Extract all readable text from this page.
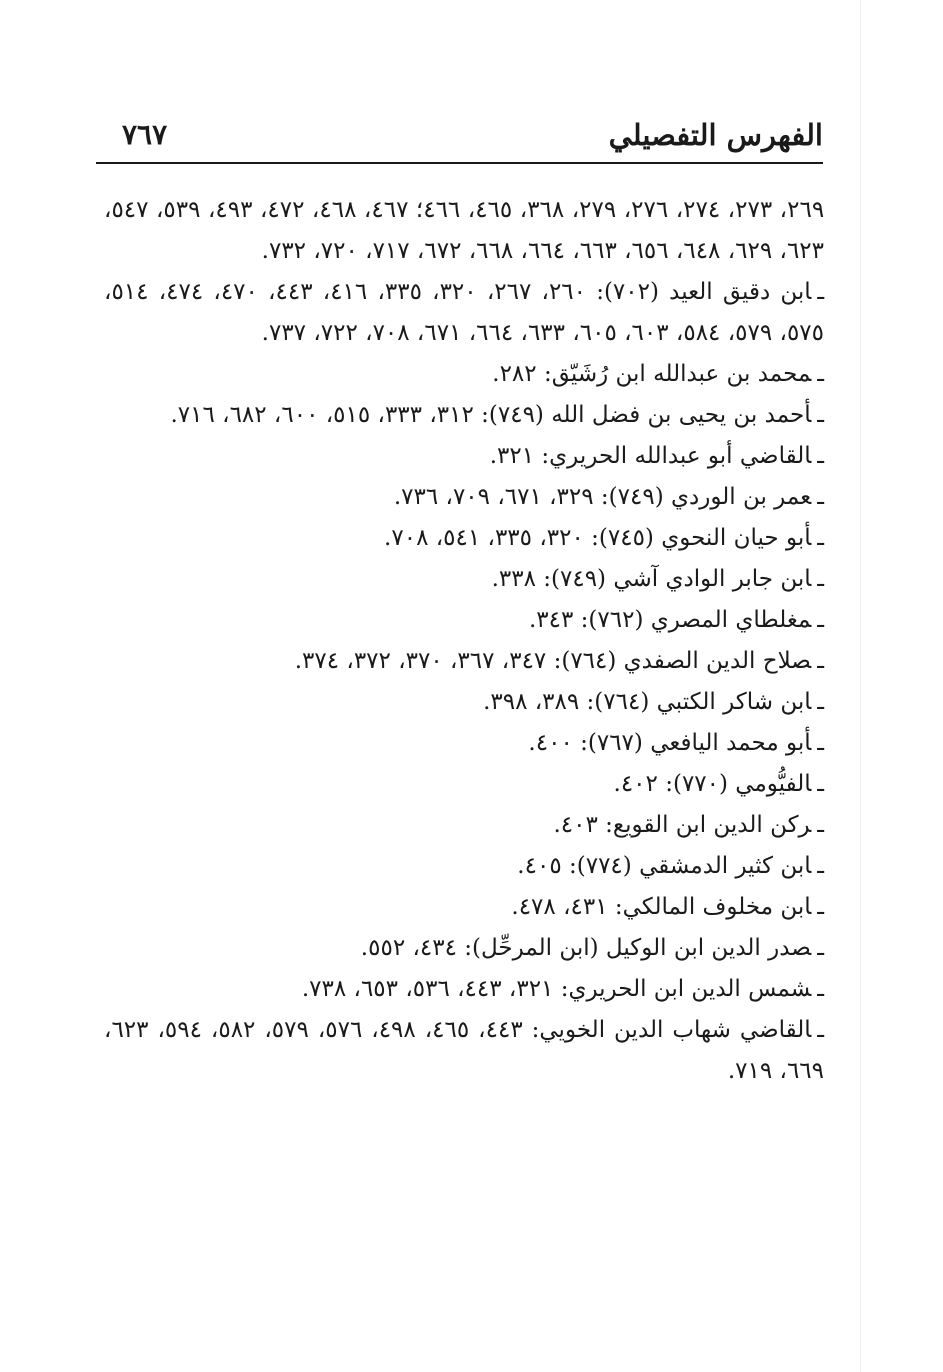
الفهرس التفصيلي
٧٦٧

٢٦٩، ٢٧٣، ٢٧٤، ٢٧٦، ٢٧٩، ٣٦٨، ٤٦٥، ٤٦٦؛ ٤٦٧، ٤٦٨، ٤٧٢، ٤٩٣، ٥٣٩، ٥٤٧، ٦٢٣، ٦٢٩، ٦٤٨، ٦٥٦، ٦٦٣، ٦٦٤، ٦٦٨، ٦٧٢، ٧١٧، ٧٢٠، ٧٣٢.

ـابن دقيق العيد (٧٠٢): ٢٦٠، ٢٦٧، ٣٢٠، ٣٣٥، ٤١٦، ٤٤٣، ٤٧٠، ٤٧٤، ٥١٤، ٥٧٥، ٥٧٩، ٥٨٤، ٦٠٣، ٦٠٥، ٦٣٣، ٦٦٤، ٦٧١، ٧٠٨، ٧٢٢، ٧٣٧.

ـمحمد بن عبدالله ابن رُشَيّق: ٢٨٢.

ـأحمد بن يحيى بن فضل الله (٧٤٩): ٣١٢، ٣٣٣، ٥١٥، ٦٠٠، ٦٨٢، ٧١٦.

ـالقاضي أبو عبدالله الحريري: ٣٢١.

ـعمر بن الوردي (٧٤٩): ٣٢٩، ٦٧١، ٧٠٩، ٧٣٦.

ـأبو حيان النحوي (٧٤٥): ٣٢٠، ٣٣٥، ٥٤١، ٧٠٨.

ـابن جابر الوادي آشي (٧٤٩): ٣٣٨.

ـمغلطاي المصري (٧٦٢): ٣٤٣.

ـصلاح الدين الصفدي (٧٦٤): ٣٤٧، ٣٦٧، ٣٧٠، ٣٧٢، ٣٧٤.

ـابن شاكر الكتبي (٧٦٤): ٣٨٩، ٣٩٨.

ـأبو محمد اليافعي (٧٦٧): ٤٠٠.

ـالفيُّومي (٧٧٠): ٤٠٢.

ـركن الدين ابن القويع: ٤٠٣.

ـابن كثير الدمشقي (٧٧٤): ٤٠٥.

ـابن مخلوف المالكي: ٤٣١، ٤٧٨.

ـصدر الدين ابن الوكيل (ابن المرحِّل): ٤٣٤، ٥٥٢.

ـشمس الدين ابن الحريري: ٣٢١، ٤٤٣، ٥٣٦، ٦٥٣، ٧٣٨.

ـالقاضي شهاب الدين الخويي: ٤٤٣، ٤٦٥، ٤٩٨، ٥٧٦، ٥٧٩، ٥٨٢، ٥٩٤، ٦٢٣، ٦٦٩، ٧١٩.
